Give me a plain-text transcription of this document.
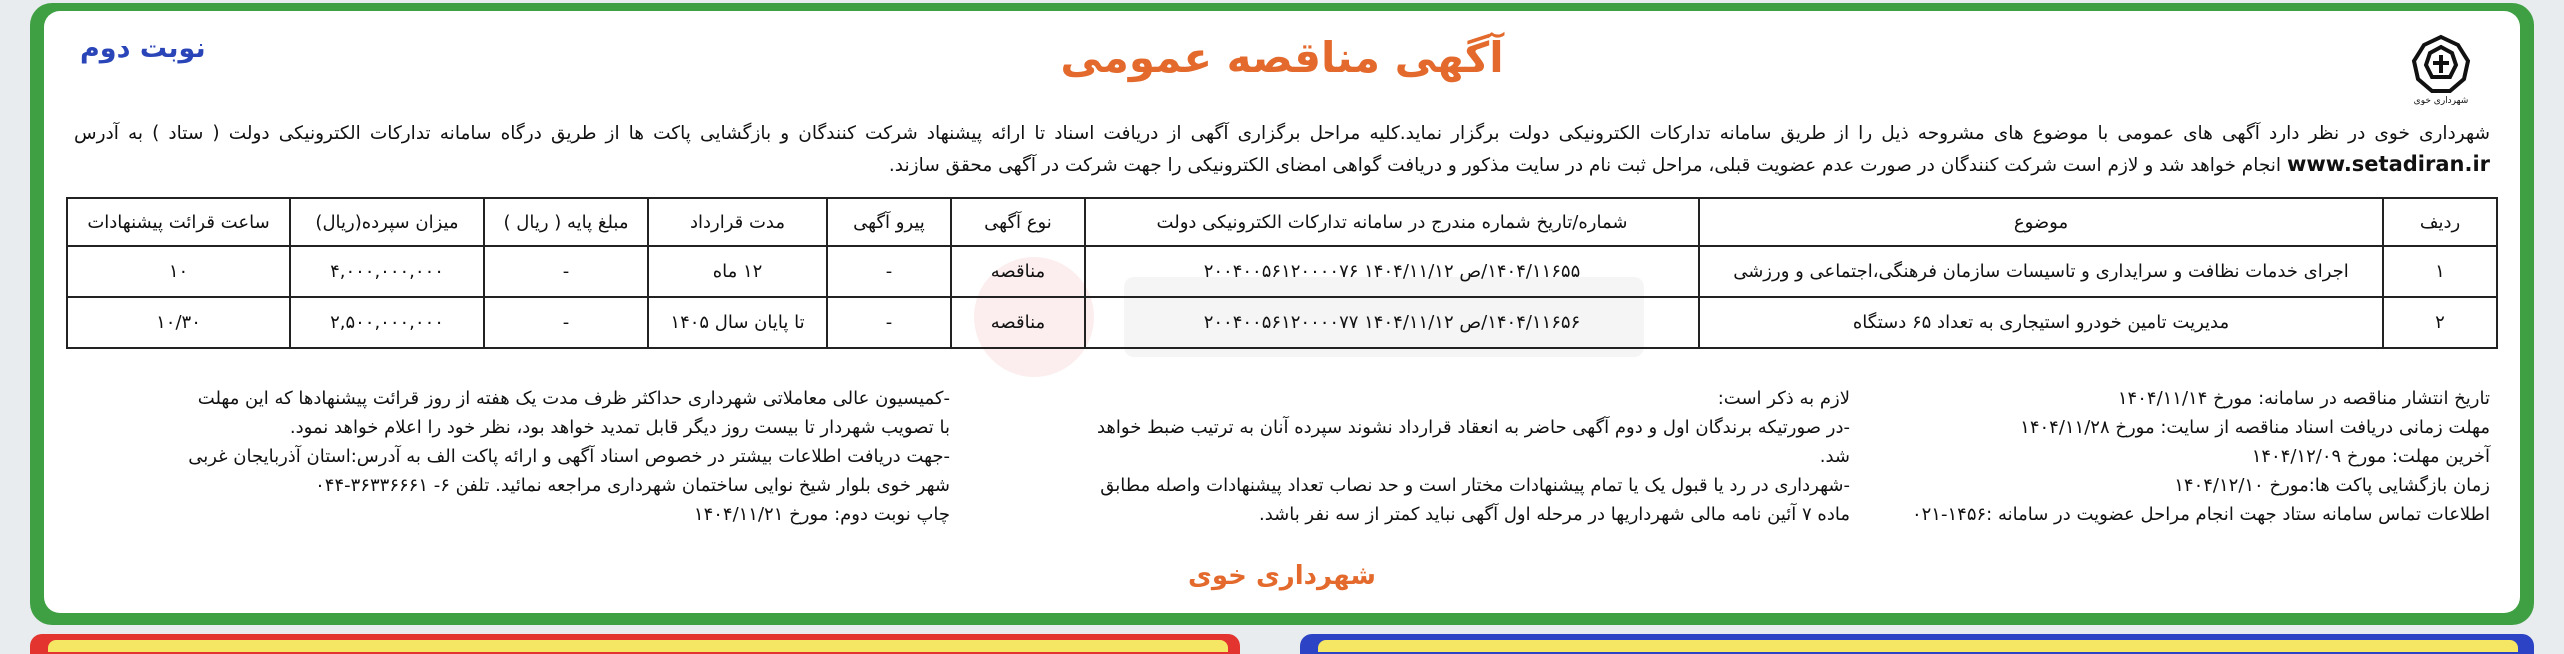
شهرداری خوی
نوبت دوم	آگهی مناقصه عمومی
شهرداری خوی در نظر دارد آگهی های عمومی با موضوع های مشروحه ذیل را از طریق سامانه تدارکات الکترونیکی دولت برگزار نماید.کلیه مراحل برگزاری آگهی از دریافت اسناد تا ارائه پیشنهاد شرکت کنندگان و بازگشایی پاکت ها از طریق درگاه سامانه تدارکات الکترونیکی دولت ( ستاد ) به آدرس www.setadiran.ir انجام خواهد شد و لازم است شرکت کنندگان در صورت عدم عضویت قبلی، مراحل ثبت نام در سایت مذکور و دریافت گواهی امضای الکترونیکی را جهت شرکت در آگهی محقق سازند.
ردیف	موضوع	شماره/تاریخ شماره مندرج در سامانه تدارکات الکترونیکی دولت	نوع آگهی	پیرو آگهی	مدت قرارداد	مبلغ پایه ( ریال )	میزان سپرده(ریال)	ساعت قرائت پیشنهادات
۱	اجرای خدمات نظافت و سرایداری و تاسیسات سازمان فرهنگی،اجتماعی و ورزشی	۱۴۰۴/۱۱۶۵۵/ص ۱۴۰۴/۱۱/۱۲ ۲۰۰۴۰۰۵۶۱۲۰۰۰۰۷۶	مناقصه	-	۱۲ ماه	-	۴,۰۰۰,۰۰۰,۰۰۰	۱۰
۲	مدیریت تامین خودرو استیجاری به تعداد ۶۵ دستگاه	۱۴۰۴/۱۱۶۵۶/ص ۱۴۰۴/۱۱/۱۲ ۲۰۰۴۰۰۵۶۱۲۰۰۰۰۷۷	مناقصه	-	تا پایان سال ۱۴۰۵	-	۲,۵۰۰,۰۰۰,۰۰۰	۱۰/۳۰
تاریخ انتشار مناقصه در سامانه: مورخ ۱۴۰۴/۱۱/۱۴
مهلت زمانی دریافت اسناد مناقصه از سایت: مورخ ۱۴۰۴/۱۱/۲۸
آخرین مهلت: مورخ ۱۴۰۴/۱۲/۰۹
زمان بازگشایی پاکت ها:مورخ ۱۴۰۴/۱۲/۱۰
اطلاعات تماس سامانه ستاد جهت انجام مراحل عضویت در سامانه :۱۴۵۶-۰۲۱
لازم به ذکر است:
-در صورتیکه برندگان اول و دوم آگهی حاضر به انعقاد قرارداد نشوند سپرده آنان به ترتیب ضبط خواهد
شد.
-شهرداری در رد یا قبول یک یا تمام پیشنهادات مختار است و حد نصاب تعداد پیشنهادات واصله مطابق
ماده ۷ آئین نامه مالی شهرداریها در مرحله اول آگهی نباید کمتر از سه نفر باشد.
-کمیسیون عالی معاملاتی شهرداری حداکثر ظرف مدت یک هفته از روز قرائت پیشنهادها که این مهلت
با تصویب شهردار تا بیست روز دیگر قابل تمدید خواهد بود، نظر خود را اعلام خواهد نمود.
-جهت دریافت اطلاعات بیشتر در خصوص اسناد آگهی و ارائه پاکت الف به آدرس:استان آذربایجان غربی
شهر خوی بلوار شیخ نوایی ساختمان شهرداری مراجعه نمائید. تلفن ۶- ۳۶۳۳۶۶۶۱-۰۴۴
چاپ نوبت دوم: مورخ ۱۴۰۴/۱۱/۲۱
شهرداری خوی
